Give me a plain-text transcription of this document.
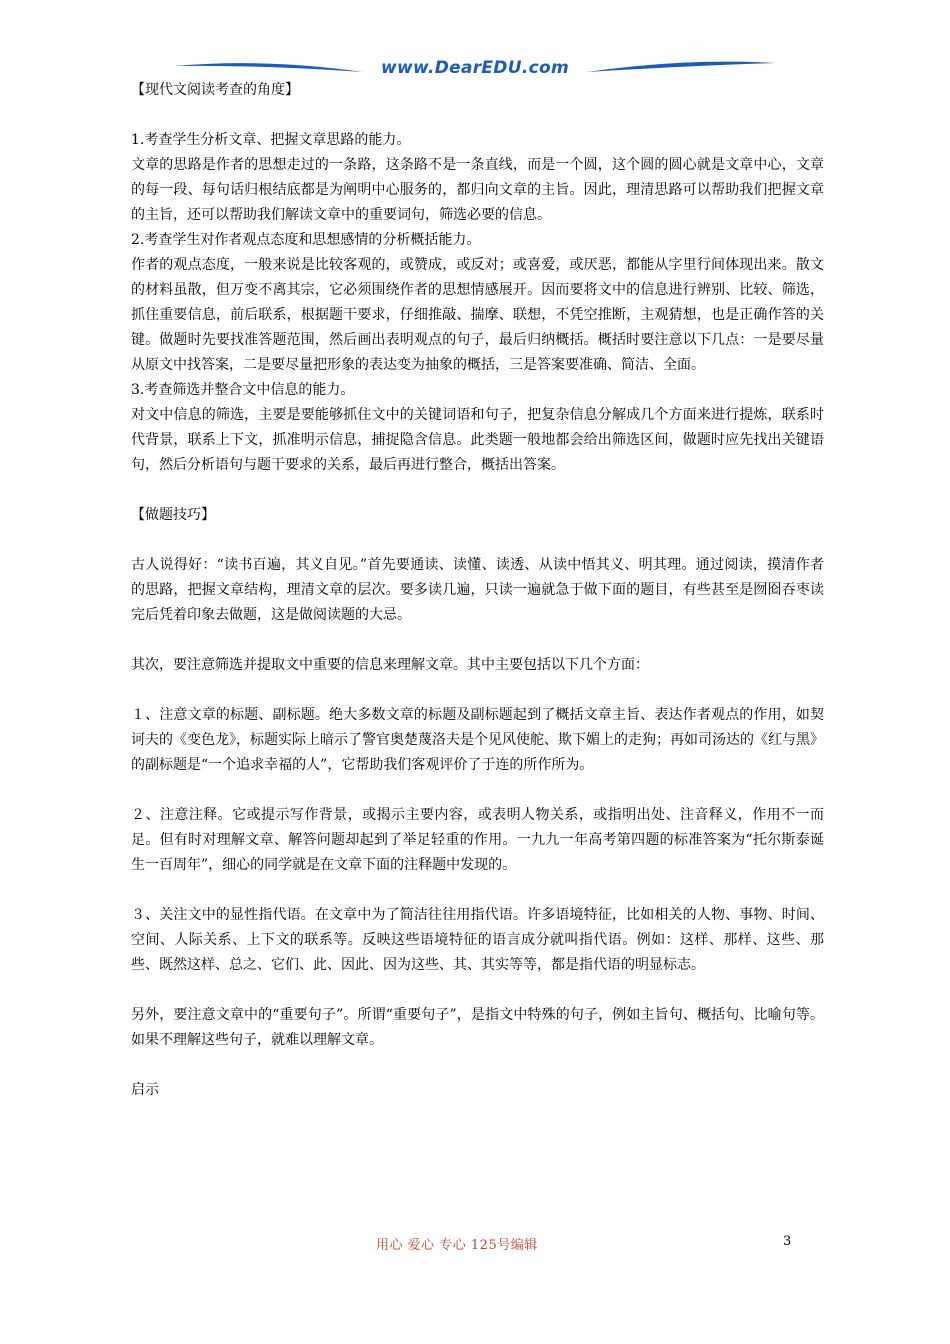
www.DearEDU.com

【现代文阅读考查的角度】

1.考查学生分析文章、把握文章思路的能力。

文章的思路是作者的思想走过的一条路，这条路不是一条直线，而是一个圆，这个圆的圆心就是文章中心，文章的每一段、每句话归根结底都是为阐明中心服务的，都归向文章的主旨。因此，理清思路可以帮助我们把握文章的主旨，还可以帮助我们解读文章中的重要词句，筛选必要的信息。

2.考查学生对作者观点态度和思想感情的分析概括能力。

作者的观点态度，一般来说是比较客观的，或赞成，或反对；或喜爱，或厌恶，都能从字里行间体现出来。散文的材料虽散，但万变不离其宗，它必须围绕作者的思想情感展开。因而要将文中的信息进行辨别、比较、筛选，抓住重要信息，前后联系，根据题干要求，仔细推敲、揣摩、联想，不凭空推断，主观猜想，也是正确作答的关键。做题时先要找准答题范围，然后画出表明观点的句子，最后归纳概括。概括时要注意以下几点：一是要尽量从原文中找答案，二是要尽量把形象的表达变为抽象的概括，三是答案要准确、简洁、全面。

3.考查筛选并整合文中信息的能力。

对文中信息的筛选，主要是要能够抓住文中的关键词语和句子，把复杂信息分解成几个方面来进行提炼，联系时代背景，联系上下文，抓准明示信息，捕捉隐含信息。此类题一般地都会给出筛选区间，做题时应先找出关键语句，然后分析语句与题干要求的关系，最后再进行整合，概括出答案。

【做题技巧】

古人说得好：“读书百遍，其义自见。”首先要通读、读懂、读透、从读中悟其义、明其理。通过阅读，摸清作者的思路，把握文章结构，理清文章的层次。要多读几遍，只读一遍就急于做下面的题目，有些甚至是囫囵吞枣读完后凭着印象去做题，这是做阅读题的大忌。

其次，要注意筛选并提取文中重要的信息来理解文章。其中主要包括以下几个方面：

１、注意文章的标题、副标题。绝大多数文章的标题及副标题起到了概括文章主旨、表达作者观点的作用，如契诃夫的《变色龙》，标题实际上暗示了警官奥楚蔑洛夫是个见风使舵、欺下媚上的走狗；再如司汤达的《红与黑》的副标题是“一个追求幸福的人”，它帮助我们客观评价了于连的所作所为。

２、注意注释。它或提示写作背景，或揭示主要内容，或表明人物关系，或指明出处、注音释义，作用不一而足。但有时对理解文章、解答问题却起到了举足轻重的作用。一九九一年高考第四题的标准答案为“托尔斯泰诞生一百周年”，细心的同学就是在文章下面的注释题中发现的。

３、关注文中的显性指代语。在文章中为了简洁往往用指代语。许多语境特征，比如相关的人物、事物、时间、空间、人际关系、上下文的联系等。反映这些语境特征的语言成分就叫指代语。例如：这样、那样、这些、那些、既然这样、总之、它们、此、因此、因为这些、其、其实等等，都是指代语的明显标志。

另外，要注意文章中的“重要句子”。所谓“重要句子”，是指文中特殊的句子，例如主旨句、概括句、比喻句等。如果不理解这些句子，就难以理解文章。

启示

用心 爱心 专心 125号编辑	3
